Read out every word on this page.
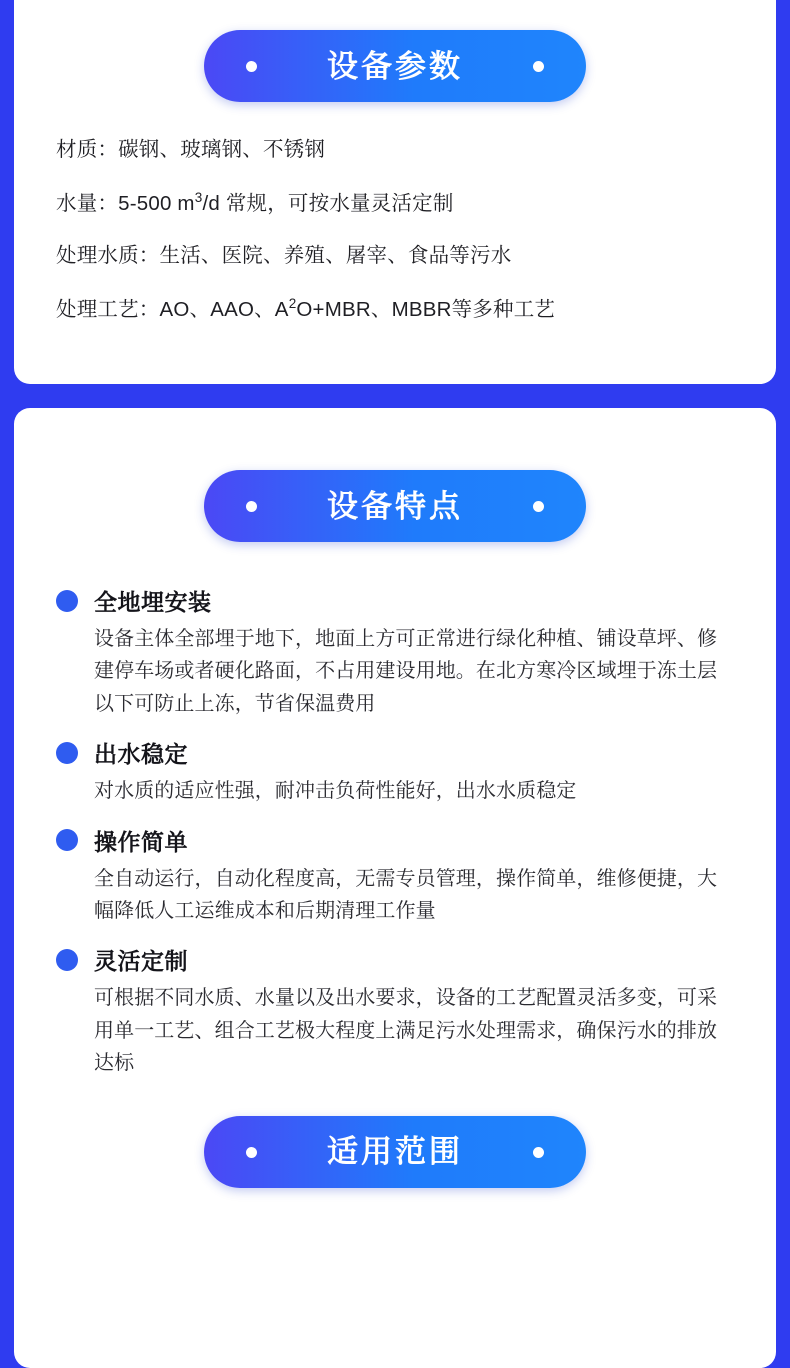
设备参数
材质：碳钢、玻璃钢、不锈钢
水量：5-500 $m^3/d$ 常规，可按水量灵活定制
处理水质：生活、医院、养殖、屠宰、食品等污水
处理工艺：AO、AAO、$A^2O+MBR$、MBBR等多种工艺
设备特点
全地埋安装
设备主体全部埋于地下，地面上方可正常进行绿化种植、铺设草坪、修建停车场或者硬化路面，不占用建设用地。在北方寒冷区域埋于冻土层以下可防止上冻，节省保温费用
出水稳定
对水质的适应性强，耐冲击负荷性能好，出水水质稳定
操作简单
全自动运行，自动化程度高，无需专员管理，操作简单，维修便捷，大幅降低人工运维成本和后期清理工作量
灵活定制
可根据不同水质、水量以及出水要求，设备的工艺配置灵活多变，可采用单一工艺、组合工艺极大程度上满足污水处理需求，确保污水的排放达标
适用范围
